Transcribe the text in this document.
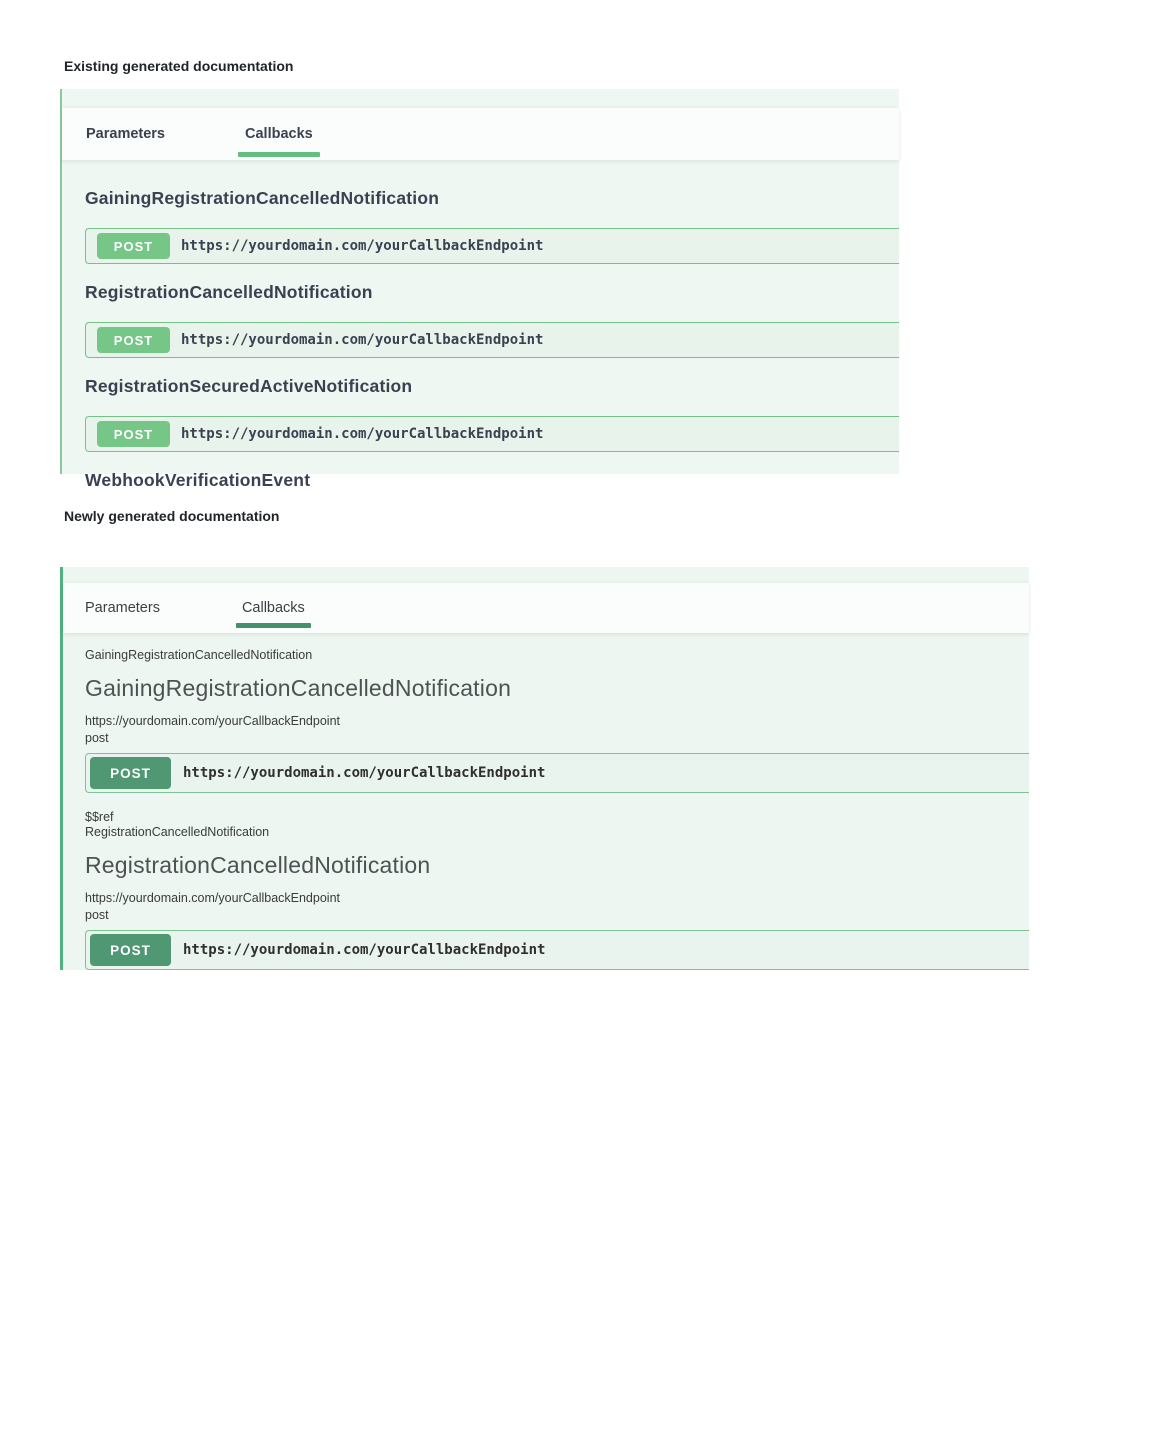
Existing generated documentation
Newly generated documentation
Parameters	Callbacks
GainingRegistrationCancelledNotification
POST	https://yourdomain.com/yourCallbackEndpoint
RegistrationCancelledNotification
POST	https://yourdomain.com/yourCallbackEndpoint
RegistrationSecuredActiveNotification
POST	https://yourdomain.com/yourCallbackEndpoint
WebhookVerificationEvent
Parameters	Callbacks
GainingRegistrationCancelledNotification
GainingRegistrationCancelledNotification
https://yourdomain.com/yourCallbackEndpoint
post
POST	https://yourdomain.com/yourCallbackEndpoint
$$ref
RegistrationCancelledNotification
RegistrationCancelledNotification
https://yourdomain.com/yourCallbackEndpoint
post
POST	https://yourdomain.com/yourCallbackEndpoint
